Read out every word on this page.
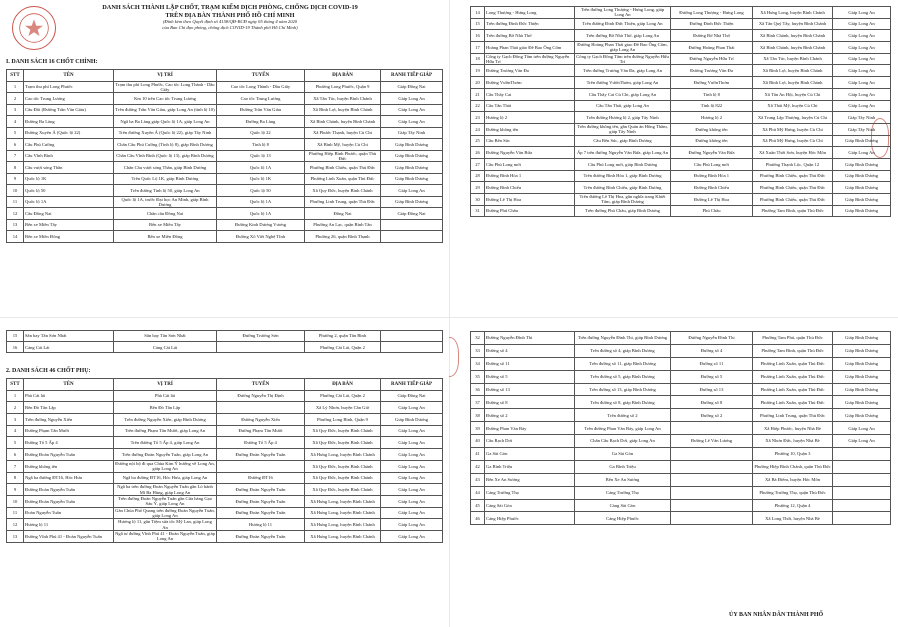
DANH SÁCH THÀNH LẬP CHỐT, TRẠM KIỂM DỊCH PHÒNG, CHỐNG DỊCH COVID-19
TRÊN ĐỊA BÀN THÀNH PHỐ HỒ CHÍ MINH
(Đính kèm theo Quyết định số 4158/QĐ-BCĐ ngày 05 tháng 4 năm 2020
của Ban Chỉ đạo phòng, chống dịch COVID-19 Thành phố Hồ Chí Minh)
I. DANH SÁCH 16 CHỐT CHÍNH:
STT	TÊN	VỊ TRÍ	TUYẾN	ĐỊA BÀN	RANH TIẾP GIÁP
1	Trạm thu phí Long Phước	Trạm thu phí Long Phước, Cao tốc Long Thành - Dầu Giây	Cao tốc Long Thành - Dầu Giây	Phường Long Phước, Quận 9	Giáp Đồng Nai
2	Cao tốc Trung Lương	Km 10 trên Cao tốc Trung Lương	Cao tốc Trung Lương	Xã Tân Túc, huyện Bình Chánh	Giáp Long An
3	Cầu Đôi (Đường Trần Văn Giàu)	Trên đường Trần Văn Giàu, giáp Long An (tỉnh lộ 10)	Đường Trần Văn Giàu	Xã Bình Lợi, huyện Bình Chánh	Giáp Long An
4	Đường Ba Làng	Ngã ba Ba Làng giáp Quốc lộ 1A, giáp Long An	Đường Ba Làng	Xã Bình Chánh, huyện Bình Chánh	Giáp Long An
5	Đường Xuyên Á (Quốc lộ 22)	Trên đường Xuyên Á (Quốc lộ 22), giáp Tây Ninh	Quốc lộ 22	Xã Phước Thạnh, huyện Củ Chi	Giáp Tây Ninh
6	Cầu Phú Cường	Chân Cầu Phú Cường (Tỉnh lộ 8), giáp Bình Dương	Tỉnh lộ 8	Xã Bình Mỹ, huyện Củ Chi	Giáp Bình Dương
7	Cầu Vĩnh Bình	Chân Cầu Vĩnh Bình (Quốc lộ 13), giáp Bình Dương	Quốc lộ 13	Phường Hiệp Bình Phước, quận Thủ Đức	Giáp Bình Dương
8	Cầu vượt sóng Thần	Chân Cầu vượt sóng Thần, giáp Bình Dương	Quốc lộ 1A	Phường Bình Chiểu, quận Thủ Đức	Giáp Bình Dương
9	Quốc lộ 1K	Trên Quốc Lộ 1K, giáp Bình Dương	Quốc lộ 1K	Phường Linh Xuân, quận Thủ Đức	Giáp Bình Dương
10	Quốc lộ 50	Trên đường Tỉnh lộ 50, giáp Long An	Quốc lộ 50	Xã Quy Đức, huyện Bình Chánh	Giáp Long An
11	Quốc lộ 1A	Quốc lộ 1A, trước Đại học An Minh, giáp Bình Dương	Quốc lộ 1A	Phường Linh Trung, quận Thủ Đức	Giáp Bình Dương
12	Cầu Đồng Nai	Chân cầu Đồng Nai	Quốc lộ 1A	Đồng Nai	Giáp Đồng Nai
13	Bến xe Miền Tây	Bến xe Miền Tây	Đường Kinh Dương Vương	Phường An Lạc, quận Bình Tân	
14	Bến xe Miền Đông	Bến xe Miền Đông	Đường Xô Viết Nghệ Tĩnh	Phường 26, quận Bình Thạnh	
14	Long Thượng - Hưng Long	Trên đường Long Thượng - Hưng Long, giáp Long An	Đường Long Thượng - Hưng Long	Xã Hưng Long, huyện Bình Chánh	Giáp Long An
15	Trên đường Đinh Đức Thiện	Trên đường Đinh Đức Thiện, giáp Long An	Đường Đinh Đức Thiện	Xã Tân Quý Tây, huyện Bình Chánh	Giáp Long An
16	Trên đường Bờ Nhà Thờ	Trên đường Bờ Nhà Thờ, giáp Long An	Đường Bờ Nhà Thờ	Xã Bình Chánh, huyện Bình Chánh	Giáp Long An
17	Hoàng Phan Thái giáo Đê Bao Ông Cốm	Đường Hoàng Phan Thái giao Đê Bao Ông Cốm, giáp Long An	Đường Hoàng Phan Thái	Xã Bình Chánh, huyện Bình Chánh	Giáp Long An
18	Công ty Gạch Đồng Tâm trên đường Nguyễn Hữu Trí	Công ty Gạch Đồng Tâm trên đường Nguyễn Hữu Trí	Đường Nguyễn Hữu Trí	Xã Tân Túc, huyện Bình Chánh	Giáp Long An
19	Đường Trương Văn Đa	Trên đường Trương Văn Đa, giáp Long An	Đường Trương Văn Đa	Xã Bình Lợi, huyện Bình Chánh	Giáp Long An
20	Đường VườnThơm	Trên đường VườnThơm, giáp Long An	Đường VườnThơm	Xã Bình Lợi, huyện Bình Chánh	Giáp Long An
21	Cầu Thầy Cai	Cầu Thầy Cai Củ Chi, giáp Long An	Tỉnh lộ 8	Xã Tân An Hội, huyện Củ Chi	Giáp Long An
22	Cầu Tân Thái	Cầu Tân Thái, giáp Long An	Tỉnh lộ 822	Xã Thái Mỹ, huyện Củ Chi	Giáp Long An
23	Hương lộ 2	Trên đường Hương lộ 2, giáp Tây Ninh	Hương lộ 2	Xã Trung Lập Thượng, huyện Củ Chi	Giáp Tây Ninh
24	Đường không tên	Trên đường không tên, gần Quán ăn Hồng Thắm, giáp Tây Ninh	Đường không tên	Xã Phú Mỹ Hưng, huyện Củ Chi	Giáp Tây Ninh
25	Cầu Bến Súc	Cầu Bến Súc, giáp Bình Dương	Đường không tên	Xã Phú Mỹ Hưng, huyện Củ Chi	Giáp Bình Dương
26	Đường Nguyễn Văn Bứa	Ấp 7 trên đường Nguyễn Văn Bứa, giáp Long An	Đường Nguyễn Văn Bứa	Xã Xuân Thới Sơn, huyện Hóc Môn	Giáp Long An
27	Cầu Phú Long mới	Cầu Phú Long mới, giáp Bình Dương	Cầu Phú Long mới	Phường Thạnh Lộc, Quận 12	Giáp Bình Dương
28	Đường Bình Hòa 1	Trên đường Bình Hòa 1, giáp Bình Dương	Đường Bình Hòa 1	Phường Bình Chiểu, quận Thủ Đức	Giáp Bình Dương
29	Đường Bình Chiểu	Trên đường Bình Chiểu, giáp Bình Dương	Đường Bình Chiểu	Phường Bình Chiểu, quận Thủ Đức	Giáp Bình Dương
30	Đường Lê Thị Hoa	Trên đường Lê Thị Hoa, gần nghĩa trang Khiết Tâm, giáp Bình Dương	Đường Lê Thị Hoa	Phường Bình Chiểu, quận Thủ Đức	Giáp Bình Dương
31	Đường Phú Châu	Trên đường Phú Châu, giáp Bình Dương	Phú Châu	Phường Tam Bình, quận Thủ Đức	Giáp Bình Dương
2. DANH SÁCH 46 CHỐT PHỤ:
15	Sân bay Tân Sơn Nhất	Sân bay Tân Sơn Nhất	Đường Trường Sơn	Phường 2, quận Tân Bình	
16	Cảng Cát Lái	Cảng Cát Lái		Phường Cát Lái, Quận 2	
STT	TÊN	VỊ TRÍ	TUYẾN	ĐỊA BÀN	RANH TIẾP GIÁP
1	Phà Cát lái	Phà Cát lái	Đường Nguyễn Thị Định	Phường Cát Lái, Quận 2	Giáp Đồng Nai
2	Bến Đò Tân Lập	Bến Đò Tân Lập		Xã Lý Nhơn, huyện Cần Giờ	Giáp Long An
3	Trên đường Nguyễn Xiển	Trên đường Nguyễn Xiển, giáp Bình Dương	Đường Nguyễn Xiển	Phường Long Bình, Quận 9	Giáp Bình Dương
4	Đường Phạm Tấn Mười	Trên đường Phạm Tấn Mười, giáp Long An	Đường Phạm Tấn Mười	Xã Quy Đức, huyện Bình Chánh	Giáp Long An
5	Đường Tổ 5 Ấp 4	Trên đường Tổ 5 Ấp 4, giáp Long An	Đường Tổ 5 Ấp 4	Xã Quy Đức, huyện Bình Chánh	Giáp Long An
6	Đường Đoàn Nguyễn Tuấn	Trên đường Đoàn Nguyễn Tuấn, giáp Long An	Đường Đoàn Nguyễn Tuấn	Xã Hưng Long, huyện Bình Chánh	Giáp Long An
7	Đường không tên	Đường nội bộ đi qua Chùa Kim Ý hướng về Long An, giáp Long An		Xã Quy Đức, huyện Bình Chánh	Giáp Long An
8	Ngã ba đường ĐT16, Hóc Hưu	Ngã ba đường ĐT16, Hóc Hưu, giáp Long An	Đường ĐT16	Xã Quy Đức, huyện Bình Chánh	Giáp Long An
9	Đường Đoàn Nguyễn Tuấn	Ngã ba trên đường Đoàn Nguyễn Tuấn gần Lò bánh Mì Ba Hùng, giáp Long An	Đường Đoàn Nguyễn Tuấn	Xã Quy Đức, huyện Bình Chánh	Giáp Long An
10	Đường Đoàn Nguyễn Tuấn	Trên đường Đoàn Nguyễn Tuấn gần Cửa hàng Gạo Sáu Ý, giáp Long An	Đường Đoàn Nguyễn Tuấn	Xã Hưng Long, huyện Bình Chánh	Giáp Long An
11	Đoàn Nguyễn Tuấn	Gần Chùa Phổ Quang trên đường Đoàn Nguyễn Tuấn, giáp Long An	Đường Đoàn Nguyễn Tuấn	Xã Hưng Long, huyện Bình Chánh	Giáp Long An
12	Hương lộ 11	Hương lộ 11, gần Tiệm sửa tốc Mỹ Lan, giáp Long An	Hương lộ 11	Xã Hưng Long, huyện Bình Chánh	Giáp Long An
13	Đường Vĩnh Phú 41 - Đoàn Nguyễn Tuấn	Ngã tư đường Vĩnh Phú 41 - Đoàn Nguyễn Tuấn, giáp Long An	Đường Đoàn Nguyễn Tuấn	Xã Hưng Long, huyện Bình Chánh	Giáp Long An
32	Đường Nguyễn Đình Thi	Trên đường Nguyễn Đình Thi, giáp Bình Dương	Đường Nguyễn Đình Thi	Phường Tam Phú, quận Thủ Đức	Giáp Bình Dương
33	Đường số 4	Trên đường số 4, giáp Bình Dương	Đường số 4	Phường Tam Bình, quận Thủ Đức	Giáp Bình Dương
34	Đường số 11	Trên đường số 11, giáp Bình Dương	Đường số 11	Phường Linh Xuân, quận Thủ Đức	Giáp Bình Dương
35	Đường số 5	Trên đường số 5, giáp Bình Dương	Đường số 5	Phường Linh Xuân, quận Thủ Đức	Giáp Bình Dương
36	Đường số 13	Trên đường số 13, giáp Bình Dương	Đường số 13	Phường Linh Xuân, quận Thủ Đức	Giáp Bình Dương
37	Đường số 8	Trên đường số 8, giáp Bình Dương	Đường số 8	Phường Linh Xuân, quận Thủ Đức	Giáp Bình Dương
38	Đường số 2	Trên đường số 2	Đường số 2	Phường Linh Trung, quận Thủ Đức	Giáp Bình Dương
39	Đường Phan Văn Bảy	Trên đường Phan Văn Bảy, giáp Long An		Xã Hiệp Phước, huyện Nhà Bè	Giáp Long An
40	Cầu Rạch Dơi	Chân Cầu Rạch Dơi, giáp Long An	Đường Lê Văn Lương	Xã Nhơn Đức, huyện Nhà Bè	Giáp Long An
41	Ga Sài Gòn	Ga Sài Gòn		Phường 10, Quận 3	
42	Ga Bình Triệu	Ga Bình Triệu		Phường Hiệp Bình Chánh, quận Thủ Đức	
43	Bến Xe An Sương	Bến Xe An Sương		Xã Bà Điểm, huyện Hóc Môn	
44	Cảng Trường Thọ	Cảng Trường Thọ		Phường Trường Thọ, quận Thủ Đức	
45	Cảng Sài Gòn	Cảng Sài Gòn		Phường 12, Quận 4	
46	Cảng Hiệp Phước	Cảng Hiệp Phước		Xã Long Thới, huyện Nhà Bè	
ỦY BAN NHÂN DÂN THÀNH PHỐ
